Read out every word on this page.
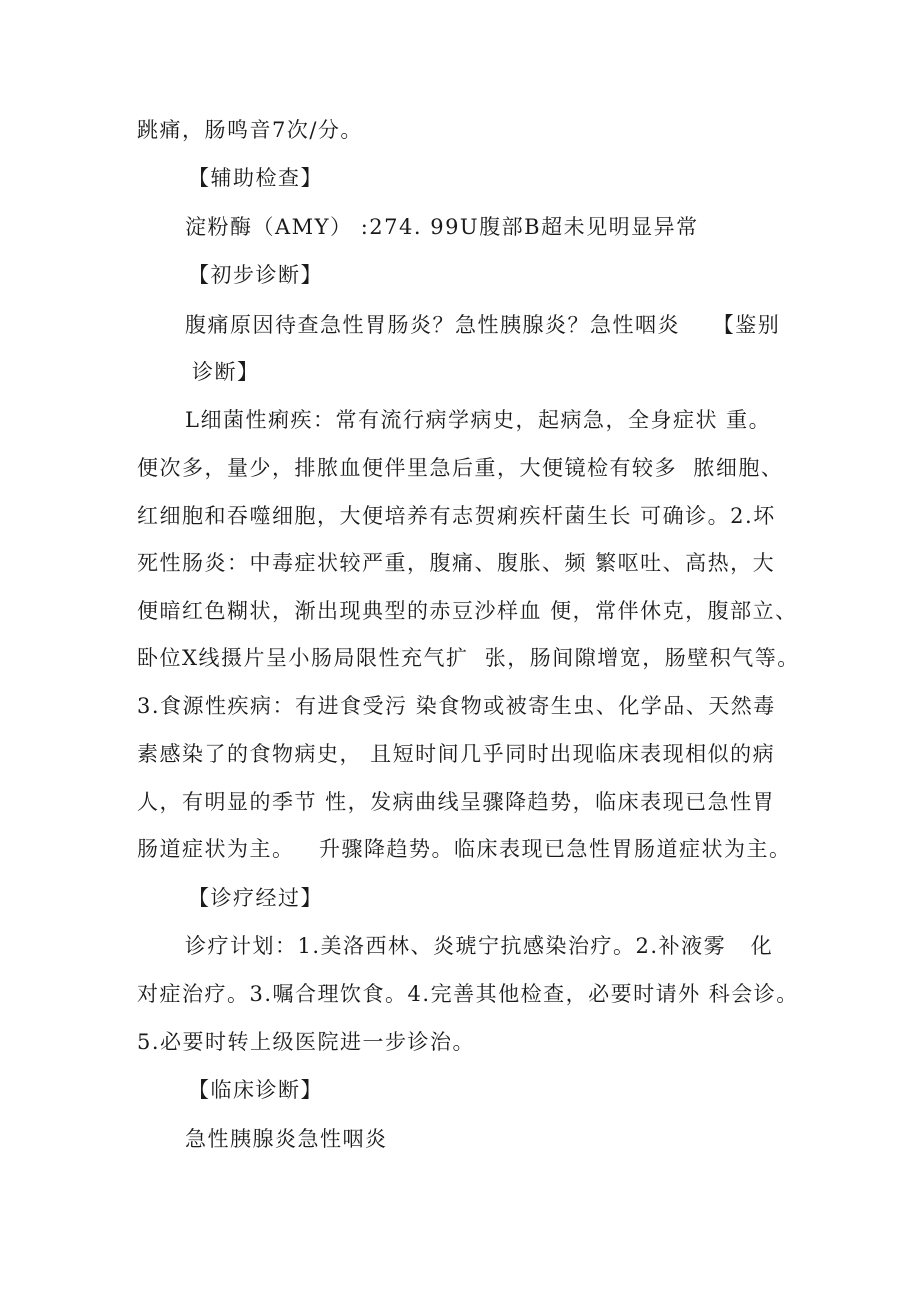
跳痛，肠鸣音7次/分。
【辅助检查】
淀粉酶（AMY） :274. 99U腹部B超未见明显异常
【初步诊断】
腹痛原因待查急性胃肠炎？急性胰腺炎？急性咽炎    【鉴别
诊断】
L细菌性痢疾：常有流行病学病史，起病急，全身症状 重。
便次多，量少，排脓血便伴里急后重，大便镜检有较多  脓细胞、
红细胞和吞噬细胞，大便培养有志贺痢疾杆菌生长 可确诊。2.坏
死性肠炎：中毒症状较严重，腹痛、腹胀、频 繁呕吐、高热，大
便暗红色糊状，渐出现典型的赤豆沙样血 便，常伴休克，腹部立、
卧位X线摄片呈小肠局限性充气扩  张，肠间隙增宽，肠壁积气等。
3.食源性疾病：有进食受污 染食物或被寄生虫、化学品、天然毒
素感染了的食物病史， 且短时间几乎同时出现临床表现相似的病
人，有明显的季节 性，发病曲线呈骤降趋势，临床表现已急性胃
肠道症状为主。   升骤降趋势。临床表现已急性胃肠道症状为主。
【诊疗经过】
诊疗计划：1.美洛西林、炎琥宁抗感染治疗。2.补液雾   化
对症治疗。3.嘱合理饮食。4.完善其他检查，必要时请外 科会诊。
5.必要时转上级医院进一步诊治。
【临床诊断】
急性胰腺炎急性咽炎
